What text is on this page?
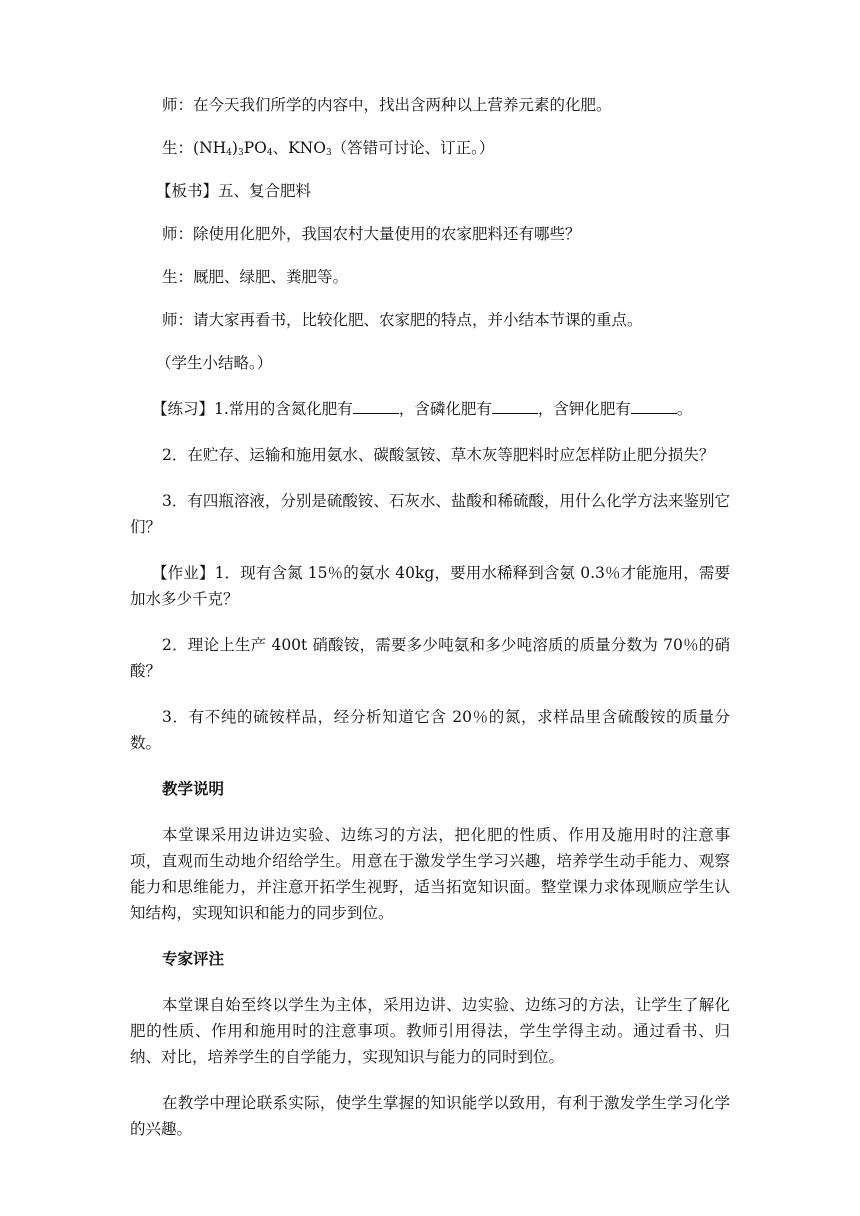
师：在今天我们所学的内容中，找出含两种以上营养元素的化肥。

生：$(NH_4)_3PO_4$、$KNO_3$（答错可讨论、订正。）

【板书】五、复合肥料

师：除使用化肥外，我国农村大量使用的农家肥料还有哪些？

生：厩肥、绿肥、粪肥等。

师：请大家再看书，比较化肥、农家肥的特点，并小结本节课的重点。

（学生小结略。）

【练习】1.常用的含氮化肥有	，含磷化肥有	，含钾化肥有	。

2．在贮存、运输和施用氨水、碳酸氢铵、草木灰等肥料时应怎样防止肥分损失？

3．有四瓶溶液，分别是硫酸铵、石灰水、盐酸和稀硫酸，用什么化学方法来鉴别它们？

【作业】1．现有含氮 15％的氨水 40kg，要用水稀释到含氨 0.3％才能施用，需要加水多少千克？

2．理论上生产 400t 硝酸铵，需要多少吨氨和多少吨溶质的质量分数为 70％的硝酸？

3．有不纯的硫铵样品，经分析知道它含 20％的氮，求样品里含硫酸铵的质量分数。

教学说明

本堂课采用边讲边实验、边练习的方法，把化肥的性质、作用及施用时的注意事项，直观而生动地介绍给学生。用意在于激发学生学习兴趣，培养学生动手能力、观察能力和思维能力，并注意开拓学生视野，适当拓宽知识面。整堂课力求体现顺应学生认知结构，实现知识和能力的同步到位。

专家评注

本堂课自始至终以学生为主体，采用边讲、边实验、边练习的方法，让学生了解化肥的性质、作用和施用时的注意事项。教师引用得法，学生学得主动。通过看书、归纳、对比，培养学生的自学能力，实现知识与能力的同时到位。

在教学中理论联系实际，使学生掌握的知识能学以致用，有利于激发学生学习化学的兴趣。
